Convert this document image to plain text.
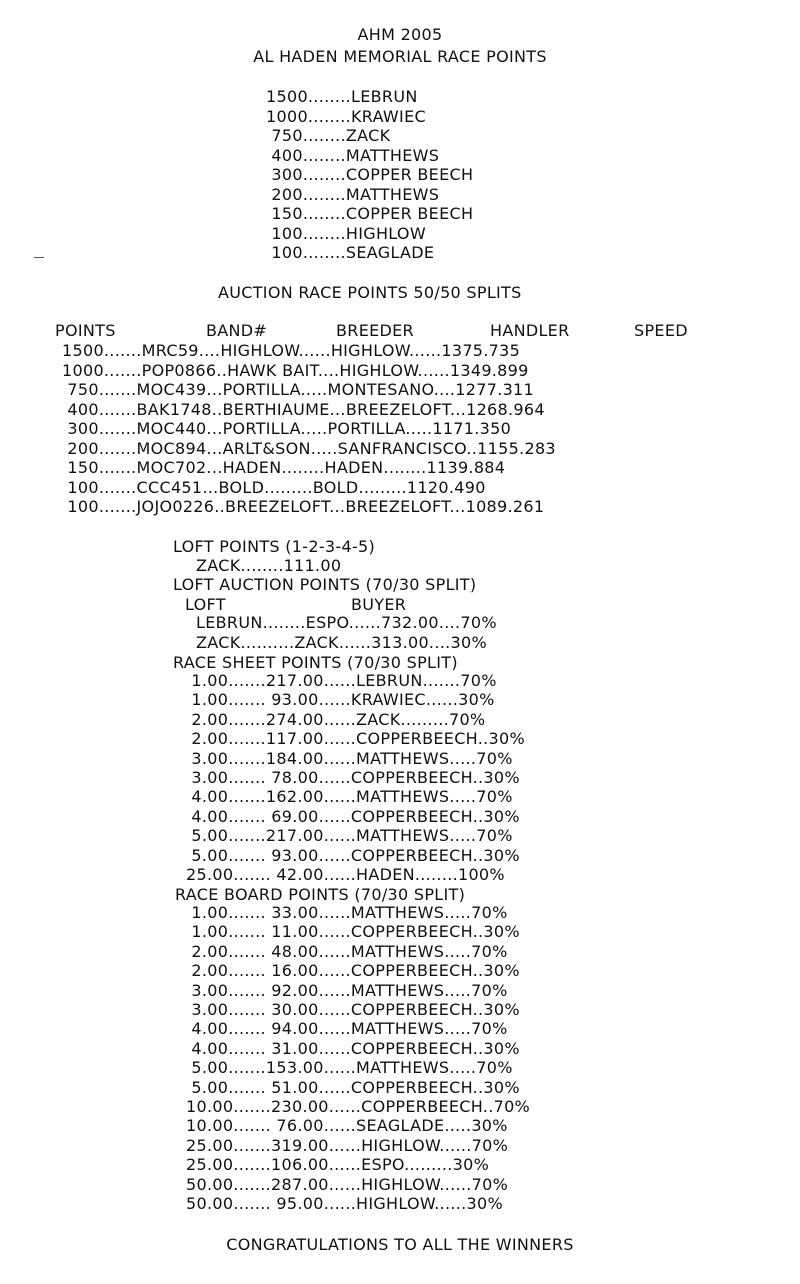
AHM 2005
AL HADEN MEMORIAL RACE POINTS
1500........LEBRUN
1000........KRAWIEC
750........ZACK
400........MATTHEWS
300........COPPER BEECH
200........MATTHEWS
150........COPPER BEECH
100........HIGHLOW
100........SEAGLADE
AUCTION RACE POINTS 50/50 SPLITS
POINTS	BAND#	BREEDER	HANDLER	SPEED
1500.......MRC59....HIGHLOW......HIGHLOW......1375.735
1000.......POP0866..HAWK BAIT....HIGHLOW......1349.899
750.......MOC439...PORTILLA.....MONTESANO....1277.311
400.......BAK1748..BERTHIAUME...BREEZELOFT...1268.964
300.......MOC440...PORTILLA.....PORTILLA.....1171.350
200.......MOC894...ARLT&SON.....SANFRANCISCO..1155.283
150.......MOC702...HADEN........HADEN........1139.884
100.......CCC451...BOLD.........BOLD.........1120.490
100.......JOJO0226..BREEZELOFT...BREEZELOFT...1089.261
LOFT POINTS (1-2-3-4-5)
ZACK........111.00
LOFT AUCTION POINTS (70/30 SPLIT)
LOFT	BUYER
LEBRUN........ESPO......732.00....70%
ZACK..........ZACK......313.00....30%
RACE SHEET POINTS (70/30 SPLIT)
1.00.......217.00......LEBRUN.......70%
1.00....... 93.00......KRAWIEC......30%
2.00.......274.00......ZACK.........70%
2.00.......117.00......COPPERBEECH..30%
3.00.......184.00......MATTHEWS.....70%
3.00....... 78.00......COPPERBEECH..30%
4.00.......162.00......MATTHEWS.....70%
4.00....... 69.00......COPPERBEECH..30%
5.00.......217.00......MATTHEWS.....70%
5.00....... 93.00......COPPERBEECH..30%
25.00....... 42.00......HADEN........100%
RACE BOARD POINTS (70/30 SPLIT)
1.00....... 33.00......MATTHEWS.....70%
1.00....... 11.00......COPPERBEECH..30%
2.00....... 48.00......MATTHEWS.....70%
2.00....... 16.00......COPPERBEECH..30%
3.00....... 92.00......MATTHEWS.....70%
3.00....... 30.00......COPPERBEECH..30%
4.00....... 94.00......MATTHEWS.....70%
4.00....... 31.00......COPPERBEECH..30%
5.00.......153.00......MATTHEWS.....70%
5.00....... 51.00......COPPERBEECH..30%
10.00.......230.00......COPPERBEECH..70%
10.00....... 76.00......SEAGLADE.....30%
25.00.......319.00......HIGHLOW......70%
25.00.......106.00......ESPO.........30%
50.00.......287.00......HIGHLOW......70%
50.00....... 95.00......HIGHLOW......30%
CONGRATULATIONS TO ALL THE WINNERS
